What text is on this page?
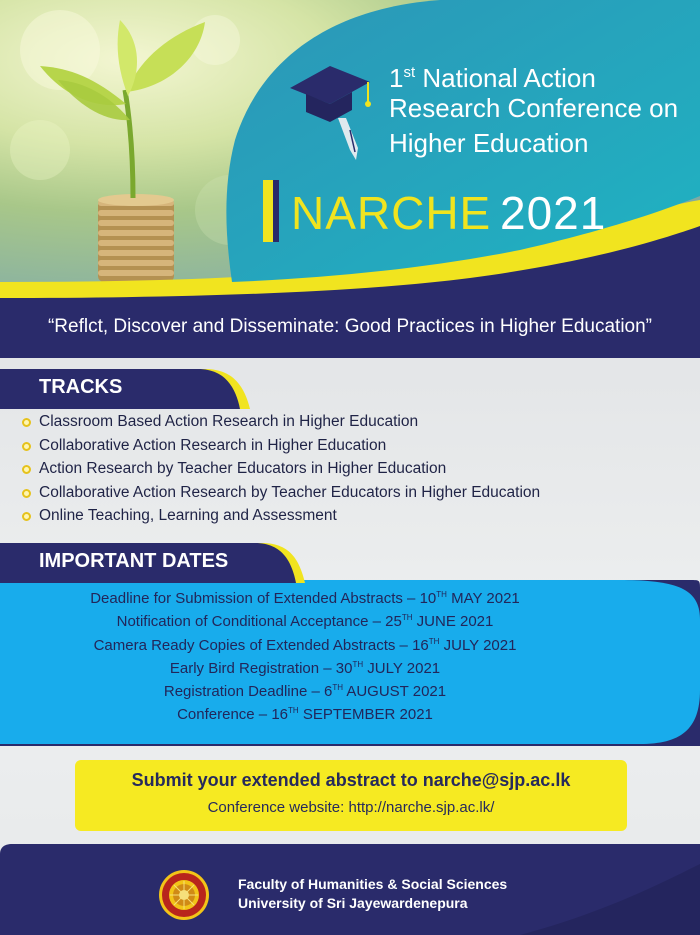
1st National Action
Research Conference on
Higher Education
NARCHE 2021
“Reflct, Discover and Disseminate: Good Practices in Higher Education”
TRACKS
Classroom Based Action Research in Higher Education
Collaborative Action Research in Higher Education
Action Research by Teacher Educators in Higher Education
Collaborative Action Research by Teacher Educators in Higher Education
Online Teaching, Learning and Assessment
IMPORTANT DATES
Deadline for Submission of Extended Abstracts – 10TH MAY 2021
Notification of Conditional Acceptance – 25TH JUNE 2021
Camera Ready Copies of Extended Abstracts – 16TH JULY 2021
Early Bird Registration – 30TH JULY 2021
Registration Deadline – 6TH AUGUST 2021
Conference – 16TH SEPTEMBER 2021
Submit your extended abstract to narche@sjp.ac.lk
Conference website: http://narche.sjp.ac.lk/
Faculty of Humanities & Social Sciences
University of Sri Jayewardenepura
